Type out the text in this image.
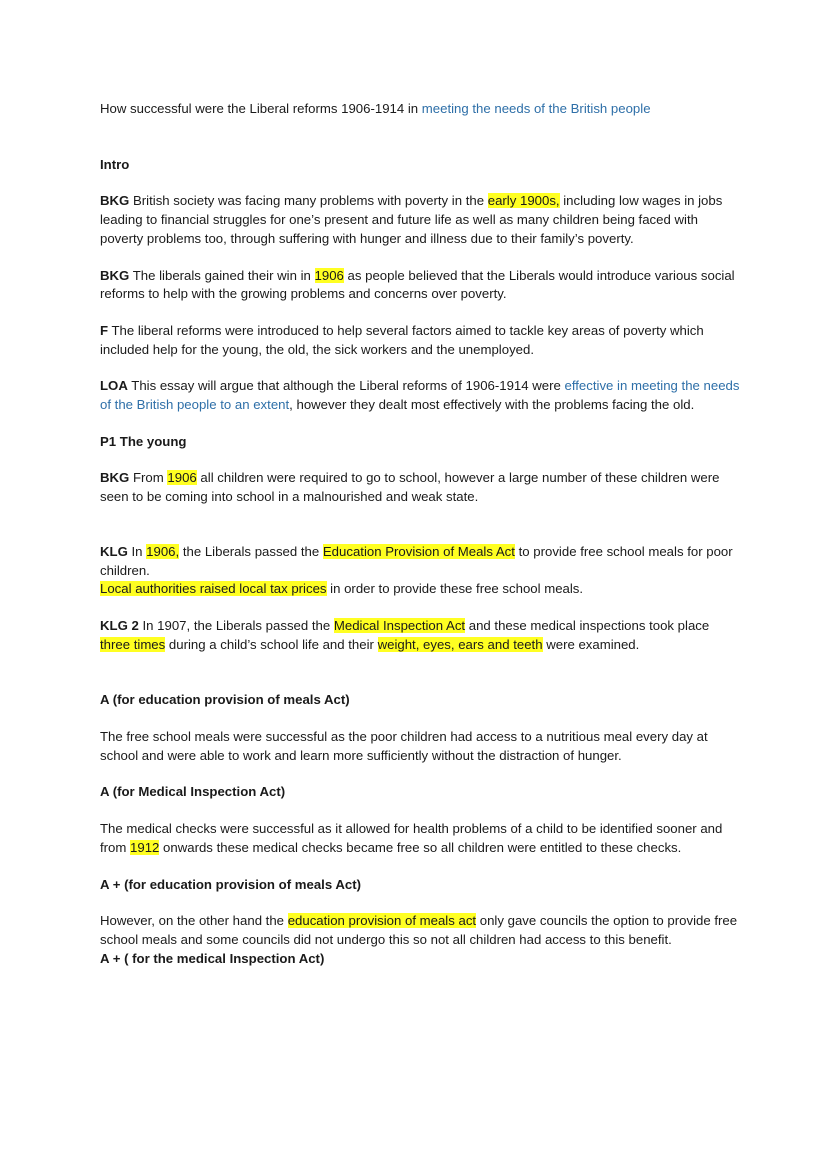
How successful were the Liberal reforms 1906-1914 in meeting the needs of the British people

Intro

BKG British society was facing many problems with poverty in the early 1900s, including low wages in jobs leading to financial struggles for one’s present and future life as well as many children being faced with poverty problems too, through suffering with hunger and illness due to their family’s poverty.

BKG The liberals gained their win in 1906 as people believed that the Liberals would introduce various social reforms to help with the growing problems and concerns over poverty.

F The liberal reforms were introduced to help several factors aimed to tackle key areas of poverty which included help for the young, the old, the sick workers and the unemployed.

LOA This essay will argue that although the Liberal reforms of 1906-1914 were effective in meeting the needs of the British people to an extent, however they dealt most effectively with the problems facing the old.

P1 The young

BKG From 1906 all children were required to go to school, however a large number of these children were seen to be coming into school in a malnourished and weak state.

KLG In 1906, the Liberals passed the Education Provision of Meals Act to provide free school meals for poor children.
Local authorities raised local tax prices in order to provide these free school meals.

KLG 2 In 1907, the Liberals passed the Medical Inspection Act and these medical inspections took place three times during a child’s school life and their weight, eyes, ears and teeth were examined.

A (for education provision of meals Act)

The free school meals were successful as the poor children had access to a nutritious meal every day at school and were able to work and learn more sufficiently without the distraction of hunger.

A (for Medical Inspection Act)

The medical checks were successful as it allowed for health problems of a child to be identified sooner and from 1912 onwards these medical checks became free so all children were entitled to these checks.

A + (for education provision of meals Act)

However, on the other hand the education provision of meals act only gave councils the option to provide free school meals and some councils did not undergo this so not all children had access to this benefit.

A + ( for the medical Inspection Act)
